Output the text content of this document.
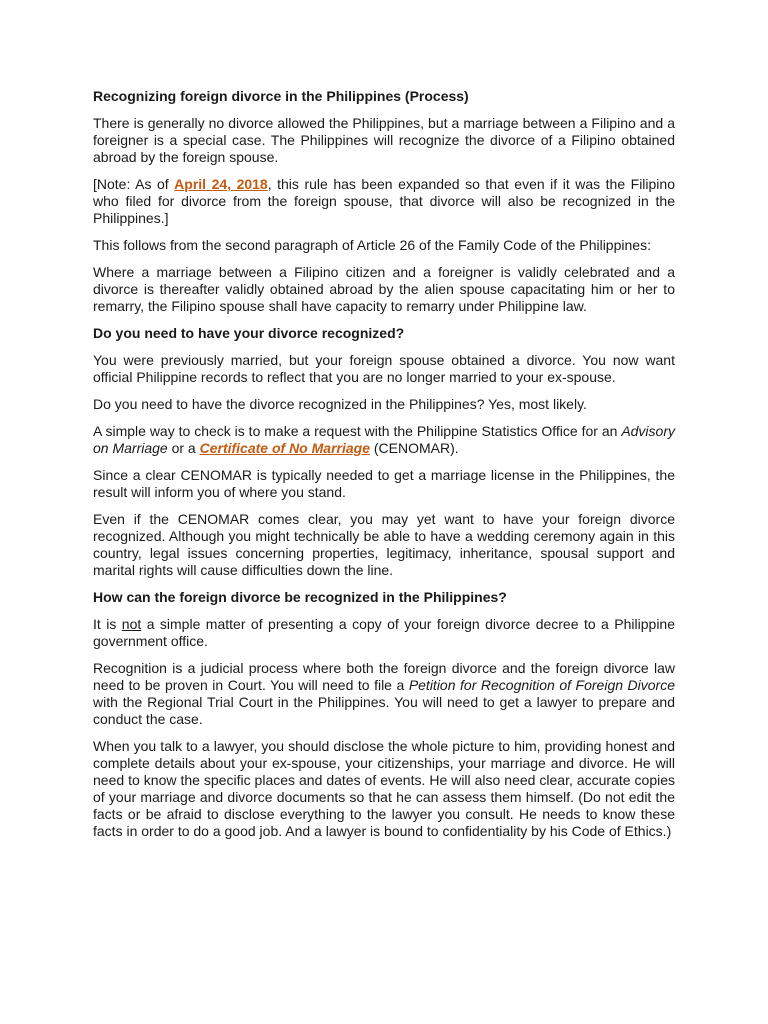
Recognizing foreign divorce in the Philippines (Process)

There is generally no divorce allowed the Philippines, but a marriage between a Filipino and a foreigner is a special case. The Philippines will recognize the divorce of a Filipino obtained abroad by the foreign spouse.

[Note: As of April 24, 2018, this rule has been expanded so that even if it was the Filipino who filed for divorce from the foreign spouse, that divorce will also be recognized in the Philippines.]

This follows from the second paragraph of Article 26 of the Family Code of the Philippines:

Where a marriage between a Filipino citizen and a foreigner is validly celebrated and a divorce is thereafter validly obtained abroad by the alien spouse capacitating him or her to remarry, the Filipino spouse shall have capacity to remarry under Philippine law.

Do you need to have your divorce recognized?

You were previously married, but your foreign spouse obtained a divorce. You now want official Philippine records to reflect that you are no longer married to your ex-spouse.

Do you need to have the divorce recognized in the Philippines? Yes, most likely.

A simple way to check is to make a request with the Philippine Statistics Office for an Advisory on Marriage or a Certificate of No Marriage (CENOMAR).

Since a clear CENOMAR is typically needed to get a marriage license in the Philippines, the result will inform you of where you stand.

Even if the CENOMAR comes clear, you may yet want to have your foreign divorce recognized. Although you might technically be able to have a wedding ceremony again in this country, legal issues concerning properties, legitimacy, inheritance, spousal support and marital rights will cause difficulties down the line.

How can the foreign divorce be recognized in the Philippines?

It is not a simple matter of presenting a copy of your foreign divorce decree to a Philippine government office.

Recognition is a judicial process where both the foreign divorce and the foreign divorce law need to be proven in Court. You will need to file a Petition for Recognition of Foreign Divorce with the Regional Trial Court in the Philippines. You will need to get a lawyer to prepare and conduct the case.

When you talk to a lawyer, you should disclose the whole picture to him, providing honest and complete details about your ex-spouse, your citizenships, your marriage and divorce. He will need to know the specific places and dates of events. He will also need clear, accurate copies of your marriage and divorce documents so that he can assess them himself. (Do not edit the facts or be afraid to disclose everything to the lawyer you consult. He needs to know these facts in order to do a good job. And a lawyer is bound to confidentiality by his Code of Ethics.)
